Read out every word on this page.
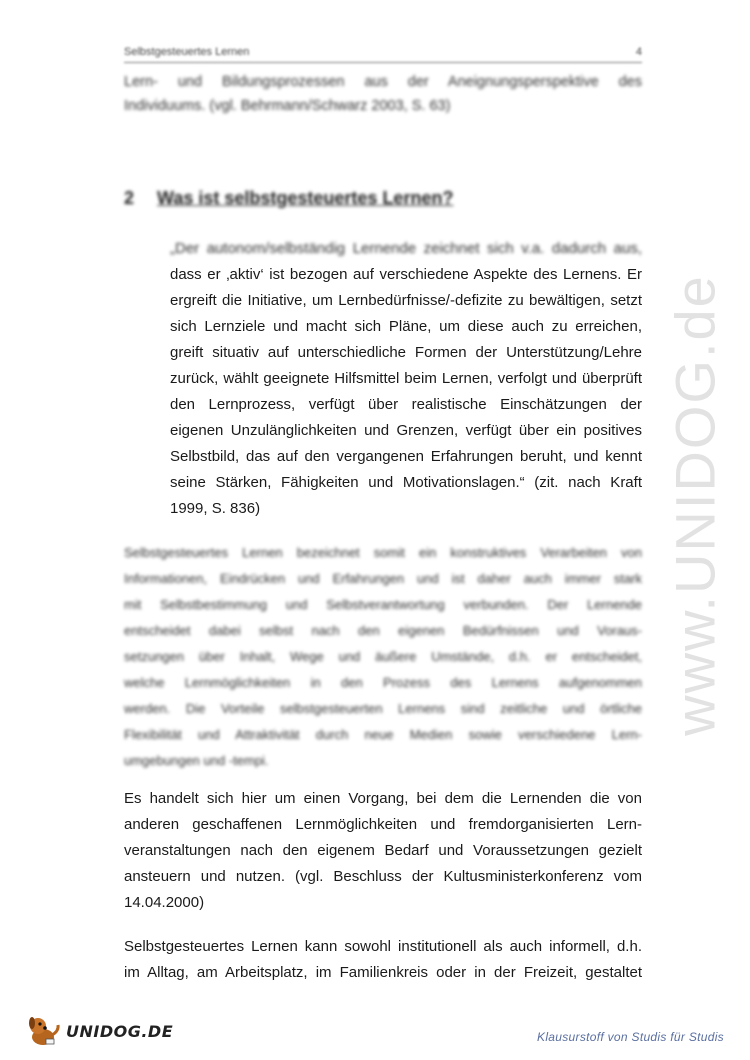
Selbstgesteuertes Lernen	4
Lern- und Bildungsprozessen aus der Aneignungsperspektive des
Individuums. (vgl. Behrmann/Schwarz 2003, S. 63)
2 Was ist selbstgesteuertes Lernen?
„Der autonom/selbständig Lernende zeichnet sich v.a. dadurch aus,
dass er ‚aktiv‘ ist bezogen auf verschiedene Aspekte des Lernens. Er
ergreift die Initiative, um Lernbedürfnisse/-defizite zu bewältigen, setzt
sich Lernziele und macht sich Pläne, um diese auch zu erreichen,
greift situativ auf unterschiedliche Formen der Unterstützung/Lehre
zurück, wählt geeignete Hilfsmittel beim Lernen, verfolgt und überprüft
den Lernprozess, verfügt über realistische Einschätzungen der
eigenen Unzulänglichkeiten und Grenzen, verfügt über ein positives
Selbstbild, das auf den vergangenen Erfahrungen beruht, und kennt
seine Stärken, Fähigkeiten und Motivationslagen.“ (zit. nach Kraft
1999, S. 836)
Selbstgesteuertes Lernen bezeichnet somit ein konstruktives Verarbeiten von
Informationen, Eindrücken und Erfahrungen und ist daher auch immer stark
mit Selbstbestimmung und Selbstverantwortung verbunden. Der Lernende
entscheidet dabei selbst nach den eigenen Bedürfnissen und Voraus-
setzungen über Inhalt, Wege und äußere Umstände, d.h. er entscheidet,
welche Lernmöglichkeiten in den Prozess des Lernens aufgenommen
werden. Die Vorteile selbstgesteuerten Lernens sind zeitliche und örtliche
Flexibilität und Attraktivität durch neue Medien sowie verschiedene Lern-
umgebungen und -tempi.
Es handelt sich hier um einen Vorgang, bei dem die Lernenden die von
anderen geschaffenen Lernmöglichkeiten und fremdorganisierten Lern-
veranstaltungen nach den eigenem Bedarf und Voraussetzungen gezielt
ansteuern und nutzen. (vgl. Beschluss der Kultusministerkonferenz vom
14.04.2000)
Selbstgesteuertes Lernen kann sowohl institutionell als auch informell, d.h.
im Alltag, am Arbeitsplatz, im Familienkreis oder in der Freizeit, gestaltet
www.UNIDOG.de
UNIDOG.DE	Klausurstoff von Studis für Studis
